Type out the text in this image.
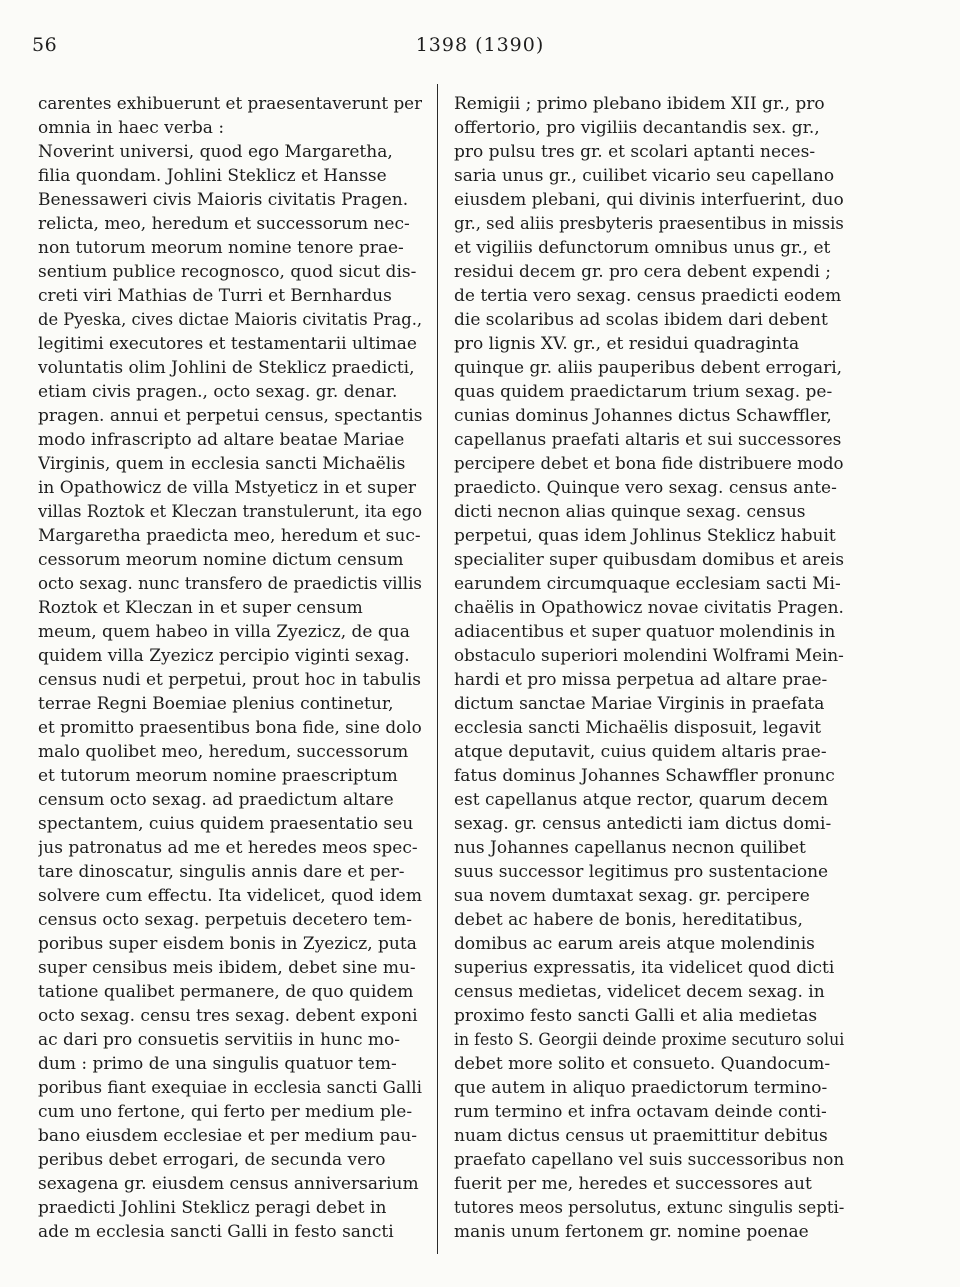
56	1398 (1390)
carentes exhibuerunt et praesentaverunt per
omnia in haec verba :
Noverint universi, quod ego Margaretha,
filia quondam. Johlini Steklicz et Hansse
Benessaweri civis Maioris civitatis Pragen.
relicta, meo, heredum et successorum nec-
non tutorum meorum nomine tenore prae-
sentium publice recognosco, quod sicut dis-
creti viri Mathias de Turri et Bernhardus
de Pyeska, cives dictae Maioris civitatis Prag.,
legitimi executores et testamentarii ultimae
voluntatis olim Johlini de Steklicz praedicti,
etiam civis pragen., octo sexag. gr. denar.
pragen. annui et perpetui census, spectantis
modo infrascripto ad altare beatae Mariae
Virginis, quem in ecclesia sancti Michaëlis
in Opathowicz de villa Mstyeticz in et super
villas Roztok et Kleczan transtulerunt, ita ego
Margaretha praedicta meo, heredum et suc-
cessorum meorum nomine dictum censum
octo sexag. nunc transfero de praedictis villis
Roztok et Kleczan in et super censum
meum, quem habeo in villa Zyezicz, de qua
quidem villa Zyezicz percipio viginti sexag.
census nudi et perpetui, prout hoc in tabulis
terrae Regni Boemiae plenius continetur,
et promitto praesentibus bona fide, sine dolo
malo quolibet meo, heredum, successorum
et tutorum meorum nomine praescriptum
censum octo sexag. ad praedictum altare
spectantem, cuius quidem praesentatio seu
jus patronatus ad me et heredes meos spec-
tare dinoscatur, singulis annis dare et per-
solvere cum effectu. Ita videlicet, quod idem
census octo sexag. perpetuis decetero tem-
poribus super eisdem bonis in Zyezicz, puta
super censibus meis ibidem, debet sine mu-
tatione qualibet permanere, de quo quidem
octo sexag. censu tres sexag. debent exponi
ac dari pro consuetis servitiis in hunc mo-
dum : primo de una singulis quatuor tem-
poribus fiant exequiae in ecclesia sancti Galli
cum uno fertone, qui ferto per medium ple-
bano eiusdem ecclesiae et per medium pau-
peribus debet errogari, de secunda vero
sexagena gr. eiusdem census anniversarium
praedicti Johlini Steklicz peragi debet in
ade m ecclesia sancti Galli in festo sancti
Remigii ; primo plebano ibidem XII gr., pro
offertorio, pro vigiliis decantandis sex. gr.,
pro pulsu tres gr. et scolari aptanti neces-
saria unus gr., cuilibet vicario seu capellano
eiusdem plebani, qui divinis interfuerint, duo
gr., sed aliis presbyteris praesentibus in missis
et vigiliis defunctorum omnibus unus gr., et
residui decem gr. pro cera debent expendi ;
de tertia vero sexag. census praedicti eodem
die scolaribus ad scolas ibidem dari debent
pro lignis XV. gr., et residui quadraginta
quinque gr. aliis pauperibus debent errogari,
quas quidem praedictarum trium sexag. pe-
cunias dominus Johannes dictus Schawffler,
capellanus praefati altaris et sui successores
percipere debet et bona fide distribuere modo
praedicto. Quinque vero sexag. census ante-
dicti necnon alias quinque sexag. census
perpetui, quas idem Johlinus Steklicz habuit
specialiter super quibusdam domibus et areis
earundem circumquaque ecclesiam sacti Mi-
chaëlis in Opathowicz novae civitatis Pragen.
adiacentibus et super quatuor molendinis in
obstaculo superiori molendini Wolframi Mein-
hardi et pro missa perpetua ad altare prae-
dictum sanctae Mariae Virginis in praefata
ecclesia sancti Michaëlis disposuit, legavit
atque deputavit, cuius quidem altaris prae-
fatus dominus Johannes Schawffler pronunc
est capellanus atque rector, quarum decem
sexag. gr. census antedicti iam dictus domi-
nus Johannes capellanus necnon quilibet
suus successor legitimus pro sustentacione
sua novem dumtaxat sexag. gr. percipere
debet ac habere de bonis, hereditatibus,
domibus ac earum areis atque molendinis
superius expressatis, ita videlicet quod dicti
census medietas, videlicet decem sexag. in
proximo festo sancti Galli et alia medietas
in festo S. Georgii deinde proxime secuturo solui
debet more solito et consueto. Quandocum-
que autem in aliquo praedictorum termino-
rum termino et infra octavam deinde conti-
nuam dictus census ut praemittitur debitus
praefato capellano vel suis successoribus non
fuerit per me, heredes et successores aut
tutores meos persolutus, extunc singulis septi-
manis unum fertonem gr. nomine poenae
